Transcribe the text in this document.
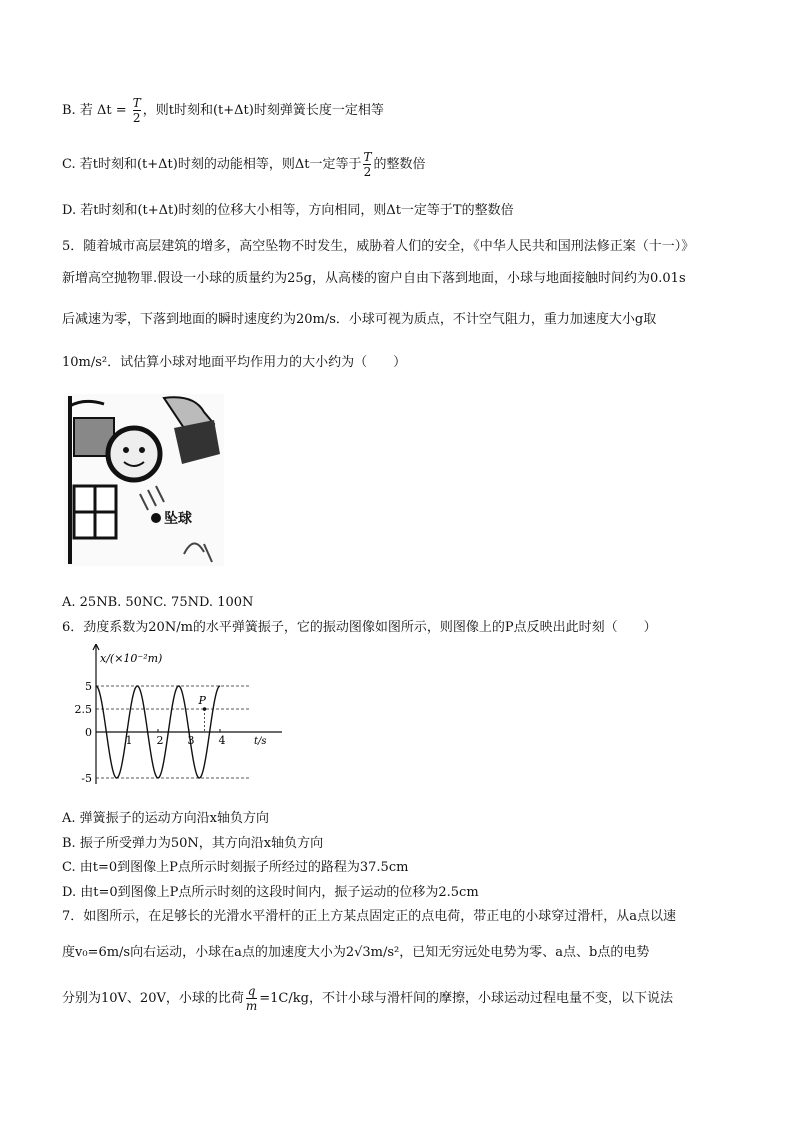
B. 若 $\Delta t = \frac{T}{2}$ ，则t时刻和(t+Δt)时刻弹簧长度一定相等
C. 若t时刻和(t+Δt)时刻的动能相等，则Δt一定等于 $\frac{T}{2}$ 的整数倍
D. 若t时刻和(t+Δt)时刻的位移大小相等，方向相同，则Δt一定等于T的整数倍
5．随着城市高层建筑的增多，高空坠物不时发生，威胁着人们的安全，《中华人民共和国刑法修正案（十一）》
新增高空抛物罪.假设一小球的质量约为25g，从高楼的窗户自由下落到地面，小球与地面接触时间约为0.01s
后减速为零，下落到地面的瞬时速度约为20m/s．小球可视为质点，不计空气阻力，重力加速度大小g取
10m/s²．试估算小球对地面平均作用力的大小约为（　　）
坠球
A. 25NB. 50NC. 75ND. 100N
6．劲度系数为20N/m的水平弹簧振子，它的振动图像如图所示，则图像上的P点反映出此时刻（　　）
x/(×10⁻²m)
t/s
5
2.5
0
-5
1 2 3 4
P
A. 弹簧振子的运动方向沿x轴负方向
B. 振子所受弹力为50N，其方向沿x轴负方向
C. 由t=0到图像上P点所示时刻振子所经过的路程为37.5cm
D. 由t=0到图像上P点所示时刻的这段时间内，振子运动的位移为2.5cm
7．如图所示，在足够长的光滑水平滑杆的正上方某点固定正的点电荷，带正电的小球穿过滑杆，从a点以速
度v₀=6m/s向右运动，小球在a点的加速度大小为2√3m/s²，已知无穷远处电势为零、a点、b点的电势
分别为10V、20V，小球的比荷 $\frac{q}{m} =1C/kg$，不计小球与滑杆间的摩擦，小球运动过程电量不变，以下说法
